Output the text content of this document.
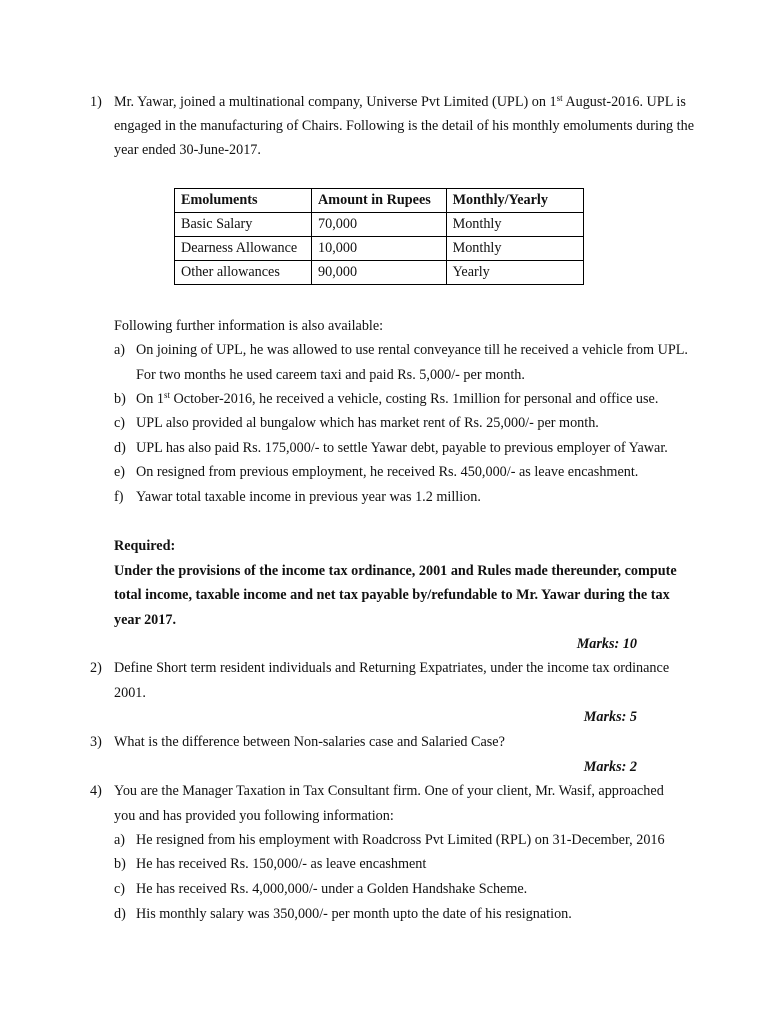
1) Mr. Yawar, joined a multinational company, Universe Pvt Limited (UPL) on 1st August-2016. UPL is
engaged in the manufacturing of Chairs. Following is the detail of his monthly emoluments during the
year ended 30-June-2017.
Emoluments	Amount in Rupees	Monthly/Yearly
Basic Salary	70,000	Monthly
Dearness Allowance	10,000	Monthly
Other allowances	90,000	Yearly
Following further information is also available:
a) On joining of UPL, he was allowed to use rental conveyance till he received a vehicle from UPL.
For two months he used careem taxi and paid Rs. 5,000/- per month.
b) On 1st October-2016, he received a vehicle, costing Rs. 1million for personal and office use.
c) UPL also provided al bungalow which has market rent of Rs. 25,000/- per month.
d) UPL has also paid Rs. 175,000/- to settle Yawar debt, payable to previous employer of Yawar.
e) On resigned from previous employment, he received Rs. 450,000/- as leave encashment.
f) Yawar total taxable income in previous year was 1.2 million.
Required:
Under the provisions of the income tax ordinance, 2001 and Rules made thereunder, compute
total income, taxable income and net tax payable by/refundable to Mr. Yawar during the tax
year 2017.
Marks: 10
2) Define Short term resident individuals and Returning Expatriates, under the income tax ordinance
2001.
Marks: 5
3) What is the difference between Non-salaries case and Salaried Case?
Marks: 2
4) You are the Manager Taxation in Tax Consultant firm. One of your client, Mr. Wasif, approached
you and has provided you following information:
a) He resigned from his employment with Roadcross Pvt Limited (RPL) on 31-December, 2016
b) He has received Rs. 150,000/- as leave encashment
c) He has received Rs. 4,000,000/- under a Golden Handshake Scheme.
d) His monthly salary was 350,000/- per month upto the date of his resignation.
